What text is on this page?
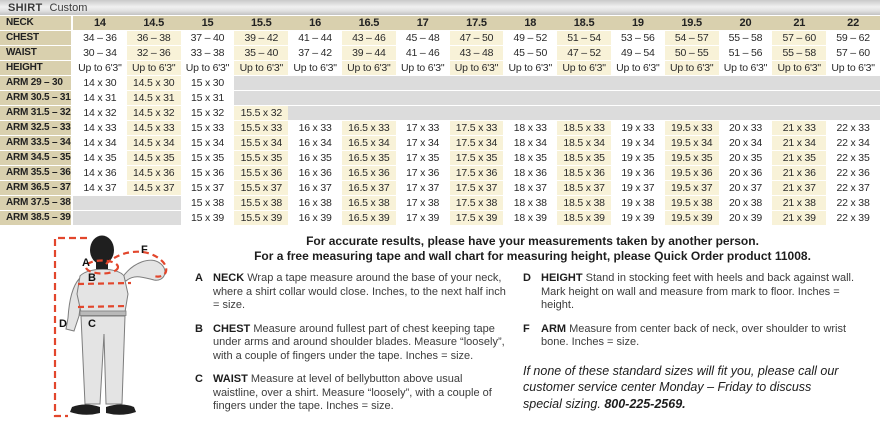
SHIRT Custom
NECK	14	14.5	15	15.5	16	16.5	17	17.5	18	18.5	19	19.5	20	21	22
CHEST	34 – 36	36 – 38	37 – 40	39 – 42	41 – 44	43 – 46	45 – 48	47 – 50	49 – 52	51 – 54	53 – 56	54 – 57	55 – 58	57 – 60	59 – 62
WAIST	30 – 34	32 – 36	33 – 38	35 – 40	37 – 42	39 – 44	41 – 46	43 – 48	45 – 50	47 – 52	49 – 54	50 – 55	51 – 56	55 – 58	57 – 60
HEIGHT	Up to 6'3"	Up to 6'3"	Up to 6'3"	Up to 6'3"	Up to 6'3"	Up to 6'3"	Up to 6'3"	Up to 6'3"	Up to 6'3"	Up to 6'3"	Up to 6'3"	Up to 6'3"	Up to 6'3"	Up to 6'3"	Up to 6'3"
ARM 29 – 30	14 x 30	14.5 x 30	15 x 30												
ARM 30.5 – 31	14 x 31	14.5 x 31	15 x 31												
ARM 31.5 – 32	14 x 32	14.5 x 32	15 x 32	15.5 x 32											
ARM 32.5 – 33	14 x 33	14.5 x 33	15 x 33	15.5 x 33	16 x 33	16.5 x 33	17 x 33	17.5 x 33	18 x 33	18.5 x 33	19 x 33	19.5 x 33	20 x 33	21 x 33	22 x 33
ARM 33.5 – 34	14 x 34	14.5 x 34	15 x 34	15.5 x 34	16 x 34	16.5 x 34	17 x 34	17.5 x 34	18 x 34	18.5 x 34	19 x 34	19.5 x 34	20 x 34	21 x 34	22 x 34
ARM 34.5 – 35	14 x 35	14.5 x 35	15 x 35	15.5 x 35	16 x 35	16.5 x 35	17 x 35	17.5 x 35	18 x 35	18.5 x 35	19 x 35	19.5 x 35	20 x 35	21 x 35	22 x 35
ARM 35.5 – 36	14 x 36	14.5 x 36	15 x 36	15.5 x 36	16 x 36	16.5 x 36	17 x 36	17.5 x 36	18 x 36	18.5 x 36	19 x 36	19.5 x 36	20 x 36	21 x 36	22 x 36
ARM 36.5 – 37	14 x 37	14.5 x 37	15 x 37	15.5 x 37	16 x 37	16.5 x 37	17 x 37	17.5 x 37	18 x 37	18.5 x 37	19 x 37	19.5 x 37	20 x 37	21 x 37	22 x 37
ARM 37.5 – 38			15 x 38	15.5 x 38	16 x 38	16.5 x 38	17 x 38	17.5 x 38	18 x 38	18.5 x 38	19 x 38	19.5 x 38	20 x 38	21 x 38	22 x 38
ARM 38.5 – 39			15 x 39	15.5 x 39	16 x 39	16.5 x 39	17 x 39	17.5 x 39	18 x 39	18.5 x 39	19 x 39	19.5 x 39	20 x 39	21 x 39	22 x 39
A
B
C
D
F
For accurate results, please have your measurements taken by another person.
For a free measuring tape and wall chart for measuring height, please Quick Order product 11008.
A NECK Wrap a tape measure around the base of your neck, where a shirt collar would close. Inches, to the next half inch = size.
B CHEST Measure around fullest part of chest keeping tape under arms and around shoulder blades. Measure “loosely”, with a couple of fingers under the tape. Inches = size.
C WAIST Measure at level of bellybutton above usual waistline, over a shirt. Measure “loosely”, with a couple of fingers under the tape. Inches = size.
D HEIGHT Stand in stocking feet with heels and back against wall. Mark height on wall and measure from mark to floor. Inches = height.
F	ARM Measure from center back of neck, over shoulder to wrist bone. Inches = size.
If none of these standard sizes will fit you, please call our customer service center Monday – Friday to discuss special sizing. 800-225-2569.
